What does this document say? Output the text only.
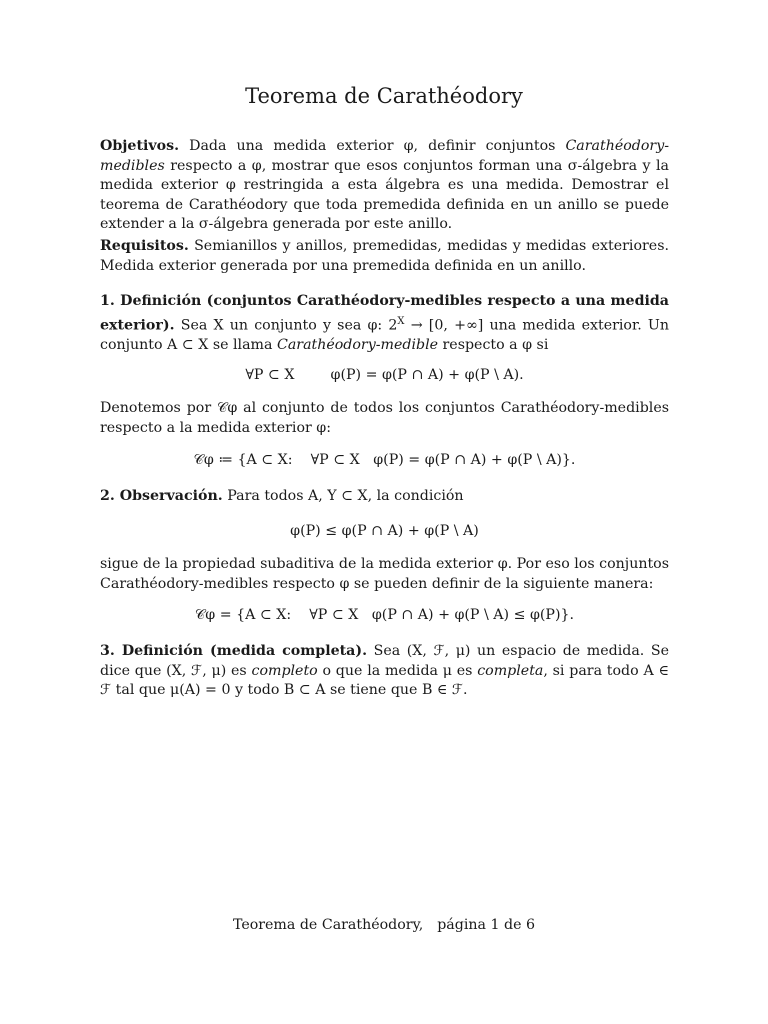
Teorema de Carathéodory

Objetivos. Dada una medida exterior φ, definir conjuntos Carathéodory-medibles respecto a φ, mostrar que esos conjuntos forman una σ-álgebra y la medida exterior φ restringida a esta álgebra es una medida. Demostrar el teorema de Carathéodory que toda premedida definida en un anillo se puede extender a la σ-álgebra generada por este anillo.

Requisitos. Semianillos y anillos, premedidas, medidas y medidas exteriores. Medida exterior generada por una premedida definida en un anillo.

1. Definición (conjuntos Carathéodory-medibles respecto a una medida exterior). Sea X un conjunto y sea φ: $2^X \to [0$, +∞] una medida exterior. Un conjunto A ⊂ X se llama Carathéodory-medible respecto a φ si

∀P ⊂ X        φ(P) = φ(P ∩ A) + φ(P \ A).

Denotemos por 𝒞φ al conjunto de todos los conjuntos Carathéodory-medibles respecto a la medida exterior φ:

𝒞φ ≔ {A ⊂ X:    ∀P ⊂ X   φ(P) = φ(P ∩ A) + φ(P \ A)}.

2. Observación. Para todos A, Y ⊂ X, la condición

φ(P) ≤ φ(P ∩ A) + φ(P \ A)

sigue de la propiedad subaditiva de la medida exterior φ. Por eso los conjuntos Carathéodory-medibles respecto φ se pueden definir de la siguiente manera:

𝒞φ = {A ⊂ X:    ∀P ⊂ X   φ(P ∩ A) + φ(P \ A) ≤ φ(P)}.

3. Definición (medida completa). Sea (X, ℱ, μ) un espacio de medida. Se dice que (X, ℱ, μ) es completo o que la medida μ es completa, si para todo A ∈ ℱ tal que μ(A) = 0 y todo B ⊂ A se tiene que B ∈ ℱ.

Teorema de Carathéodory, página 1 de 6
